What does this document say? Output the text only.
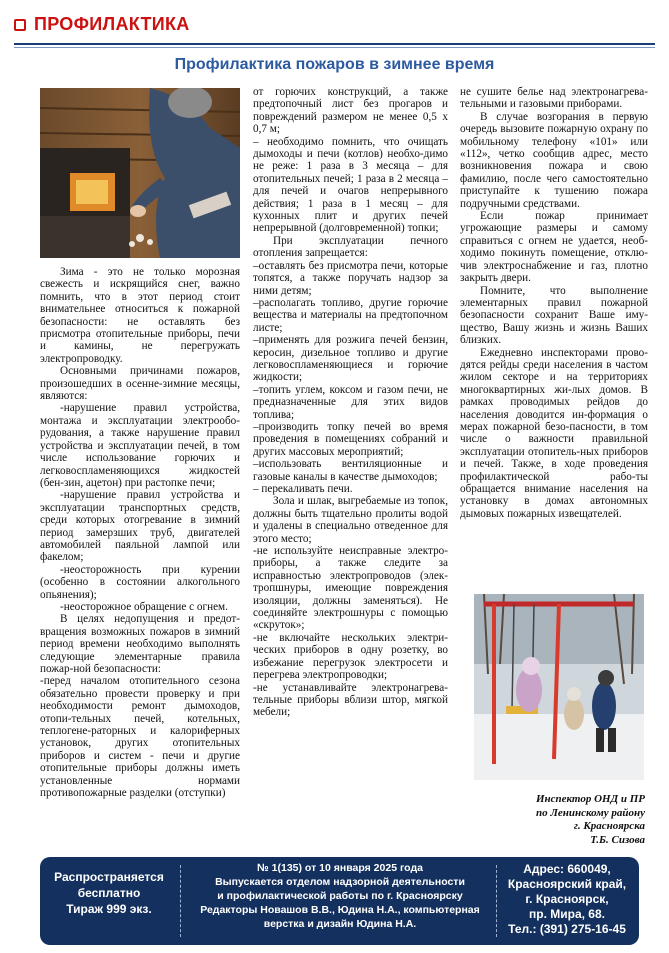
ПРОФИЛАКТИКА
Профилактика пожаров в зимнее время

Зима - это не только морозная свежесть и искрящийся снег, важно помнить, что в этот период стоит внимательнее относиться к пожарной безопасности: не оставлять без присмотра отопительные приборы, печи и камины, не перегружать электропроводку.

Основными причинами пожаров, произошедших в осенне-зимние месяцы, являются:

-нарушение правил устройства, монтажа и эксплуатации электрообо-рудования, а также нарушение правил устройства и эксплуатации печей, в том числе использование горючих и легковоспламеняющихся жидкостей (бен-зин, ацетон) при растопке печи;

-нарушение правил устройства и эксплуатации транспортных средств, среди которых отогревание в зимний период замерзших труб, двигателей автомобилей паяльной лампой или факелом;

-неосторожность при курении (особенно в состоянии алкогольного опьянения);

-неосторожное обращение с огнем.

В целях недопущения и предот-вращения возможных пожаров в зимний период времени необходимо выполнять следующие элементарные правила пожар-ной безопасности:

-перед началом отопительного сезона обязательно провести проверку и при необходимости ремонт дымоходов, отопи-тельных печей, котельных, теплогене-раторных и калориферных установок, других отопительных приборов и систем - печи и другие отопительные приборы должны иметь установленные нормами противопожарные разделки (отступки)

от горючих конструкций, а также предтопочный лист без прогаров и повреждений размером не менее 0,5 х 0,7 м;

– необходимо помнить, что очищать дымоходы и печи (котлов) необхо-димо не реже: 1 раза в 3 месяца – для отопительных печей; 1 раза в 2 месяца – для печей и очагов непрерывного действия; 1 раза в 1 месяц – для кухонных плит и других печей непрерывной (долговременной) топки;

При эксплуатации печного отопления запрещается:

–оставлять без присмотра печи, которые топятся, а также поручать надзор за ними детям;

–располагать топливо, другие горючие вещества и материалы на предтопочном листе;

–применять для розжига печей бензин, керосин, дизельное топливо и другие легковоспламеняющиеся и горючие жидкости;

–топить углем, коксом и газом печи, не предназначенные для этих видов топлива;

–производить топку печей во время проведения в помещениях собраний и других массовых мероприятий;

–использовать вентиляционные и газовые каналы в качестве дымоходов;

– перекаливать печи.

Зола и шлак, выгребаемые из топок, должны быть тщательно пролиты водой и удалены в специально отведенное для этого место;

-не используйте неисправные электро-приборы, а также следите за исправностью электропроводов (элек-тропшнуры, имеющие повреждения изоляции, должны заменяться). Не соединяйте электрошнуры с помощью «скруток»;

-не включайте нескольких электри-ческих приборов в одну розетку, во избежание перегрузок электросети и перегрева электропроводки;

-не устанавливайте электронагрева-тельные приборы вблизи штор, мягкой мебели;

не сушите белье над электронагрева-тельными и газовыми приборами.

В случае возгорания в первую очередь вызовите пожарную охрану по мобильному телефону «101» или «112», четко сообщив адрес, место возникновения пожара и свою фамилию, после чего самостоятельно приступайте к тушению пожара подручными средствами.

Если пожар принимает угрожающие размеры и самому справиться с огнем не удается, необ-ходимо покинуть помещение, отклю-чив электроснабжение и газ, плотно закрыть двери.

Помните, что выполнение элементарных правил пожарной безопасности сохранит Ваше иму-щество, Вашу жизнь и жизнь Ваших близких.

Ежедневно инспекторами прово-дятся рейды среди населения в частом жилом секторе и на территориях многоквартирных жи-лых домов. В рамках проводимых рейдов до населения доводится ин-формация о мерах пожарной безо-пасности, в том числе о важности правильной эксплуатации отопитель-ных приборов и печей. Также, в ходе проведения профилактической рабо-ты обращается внимание населения на установку в домах автономных дымовых пожарных извещателей.

Инспектор ОНД и ПР
по Ленинскому району
г. Красноярска
Т.Б. Сизова
Распространяется
бесплатно
Тираж 999 экз.
№ 1(135) от 10 января 2025 года
Выпускается отделом надзорной деятельности
и профилактической работы по г. Красноярску
Редакторы Новашов В.В., Юдина Н.А., компьютерная
верстка и дизайн Юдина Н.А.
Адрес: 660049,
Красноярский край,
г. Красноярск,
пр. Мира, 68.
Тел.: (391) 275-16-45
